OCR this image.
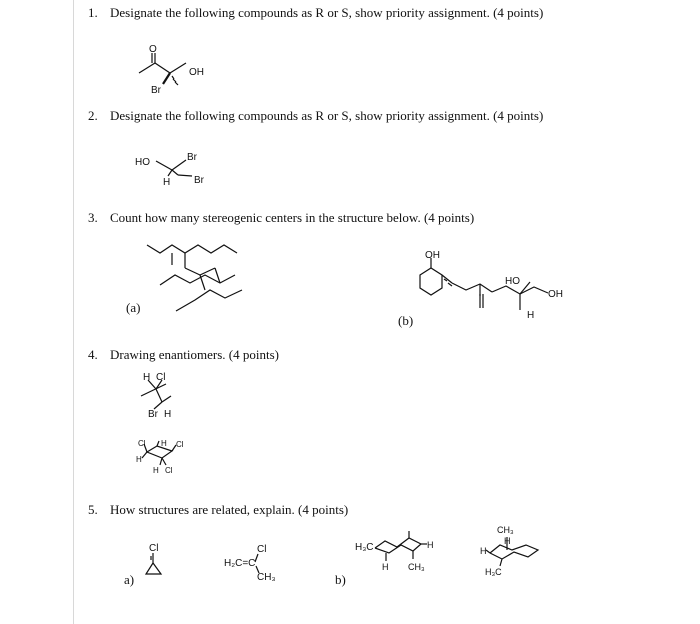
1. Designate the following compounds as R or S, show priority assignment. (4 points)
2. Designate the following compounds as R or S, show priority assignment. (4 points)
3. Count how many stereogenic centers in the structure below. (4 points)
4. Drawing enantiomers. (4 points)
5. How structures are related, explain. (4 points)
(a)
(b)
a)	b)
O
OH
Br
HO	Br
H Br
OH
HO
OH
H
H Cl
Br H
Cl H Cl
H
H Cl
Cl
H₂C=C
Cl
CH₃
H₃C
H
H
CH₃
CH₃
H
H
H₃C
